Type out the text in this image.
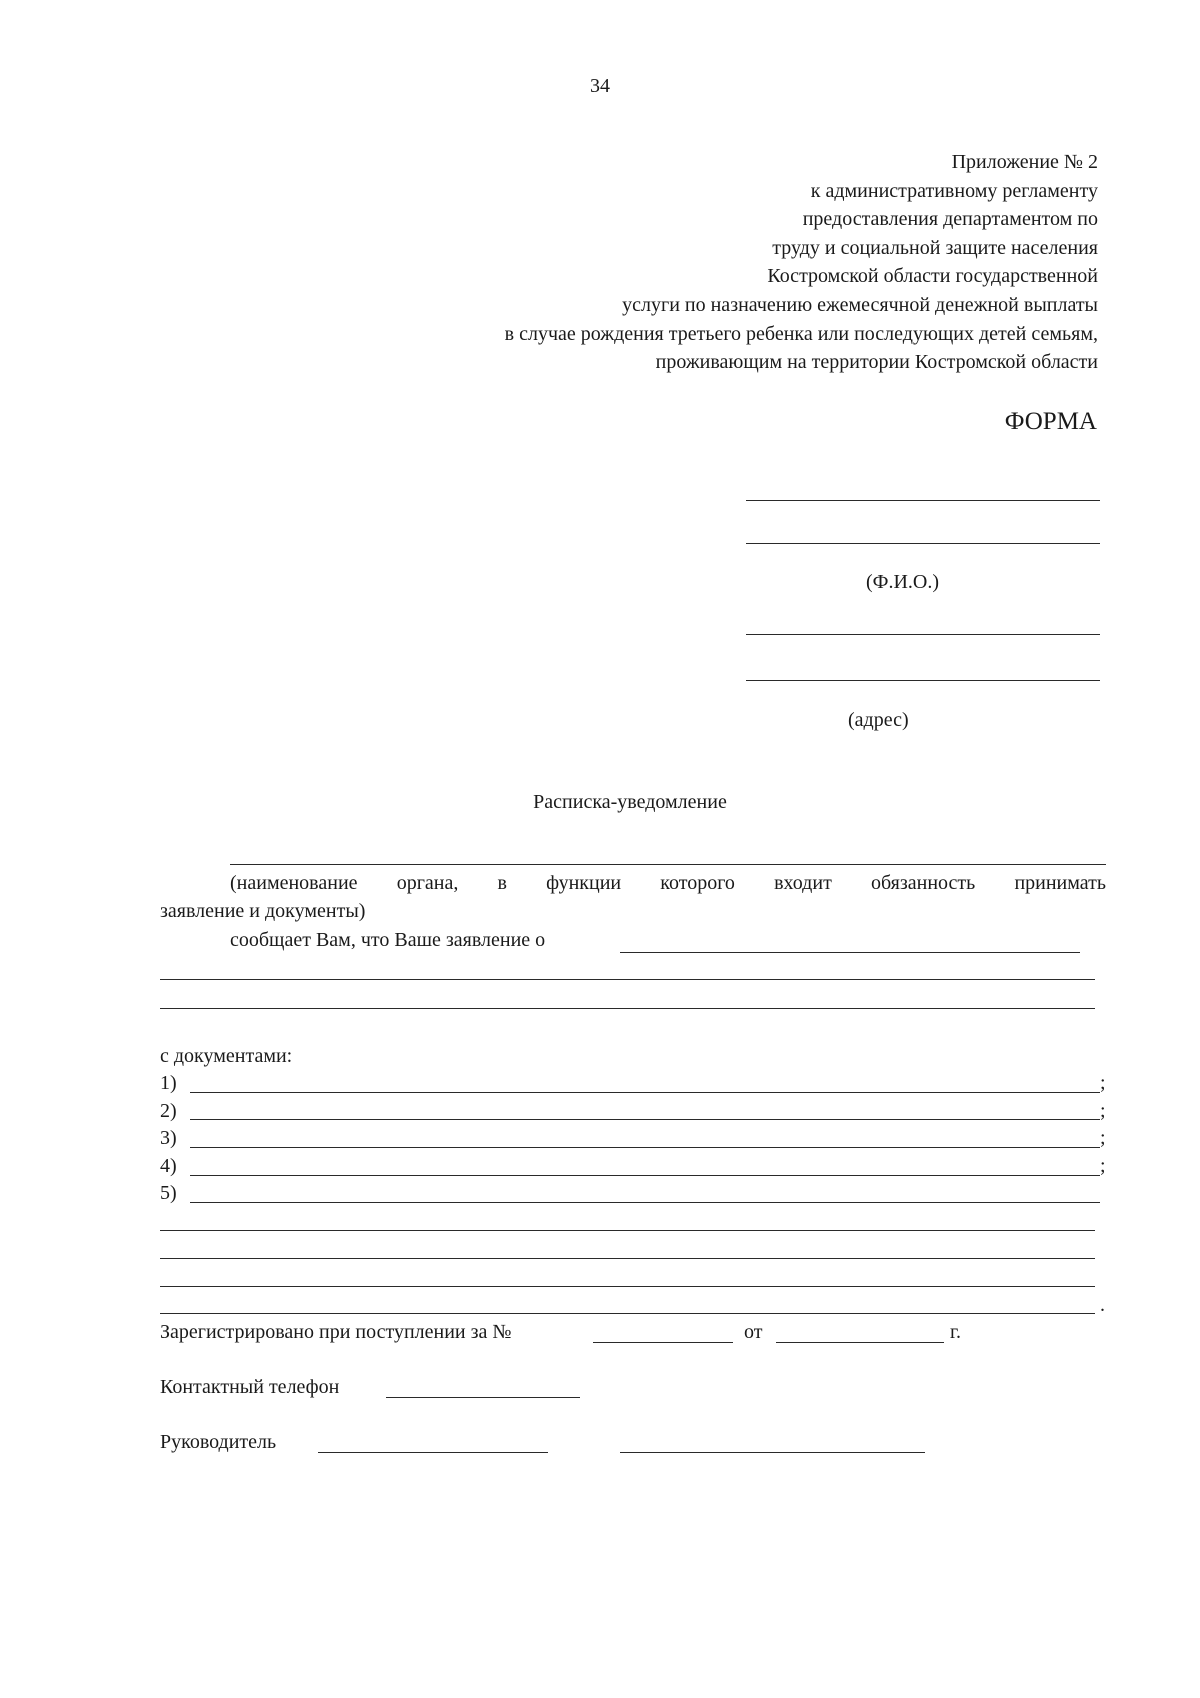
34
Приложение № 2
к административному регламенту
предоставления департаментом по
труду и социальной защите населения
Костромской области государственной
услуги по назначению ежемесячной денежной выплаты
в случае рождения третьего ребенка или последующих детей семьям,
проживающим на территории Костромской области
ФОРМА
(Ф.И.О.)
(адрес)
Расписка-уведомление
(наименование органа, в функции которого входит обязанность принимать
заявление и документы)
сообщает Вам, что Ваше заявление о
с документами:
1)	;
2)	;
3)	;
4)	;
5)
.
Зарегистрировано при поступлении за №	от	г.
Контактный телефон
Руководитель
